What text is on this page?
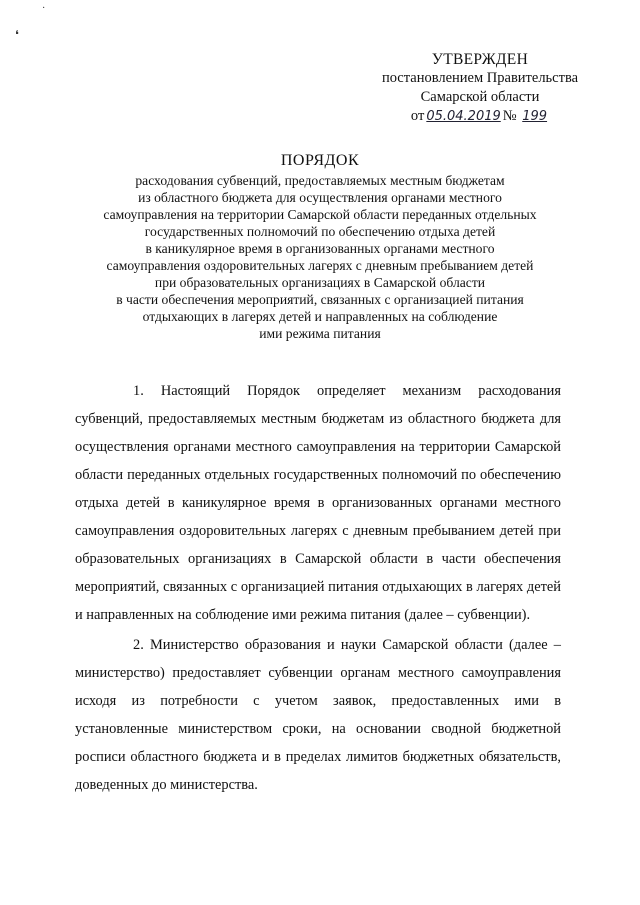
·
❛
УТВЕРЖДЕН
постановлением Правительства
Самарской области
от 05.04.2019 № 199
ПОРЯДОК
расходования субвенций, предоставляемых местным бюджетам
из областного бюджета для осуществления органами местного
самоуправления на территории Самарской области переданных отдельных
государственных полномочий по обеспечению отдыха детей
в каникулярное время в организованных органами местного
самоуправления оздоровительных лагерях с дневным пребыванием детей
при образовательных организациях в Самарской области
в части обеспечения мероприятий, связанных с организацией питания
отдыхающих в лагерях детей и направленных на соблюдение
ими режима питания

1. Настоящий Порядок определяет механизм расходования субвенций, предоставляемых местным бюджетам из областного бюджета для осуществления органами местного самоуправления на территории Самарской области переданных отдельных государственных полномочий по обеспечению отдыха детей в каникулярное время в организованных органами местного самоуправления оздоровительных лагерях с дневным пребыванием детей при образовательных организациях в Самарской области в части обеспечения мероприятий, связанных с организацией питания отдыхающих в лагерях детей и направленных на соблюдение ими режима питания (далее – субвенции).

2. Министерство образования и науки Самарской области (далее – министерство) предоставляет субвенции органам местного самоуправления исходя из потребности с учетом заявок, предоставленных ими в установленные министерством сроки, на основании сводной бюджетной росписи областного бюджета и в пределах лимитов бюджетных обязательств, доведенных до министерства.
